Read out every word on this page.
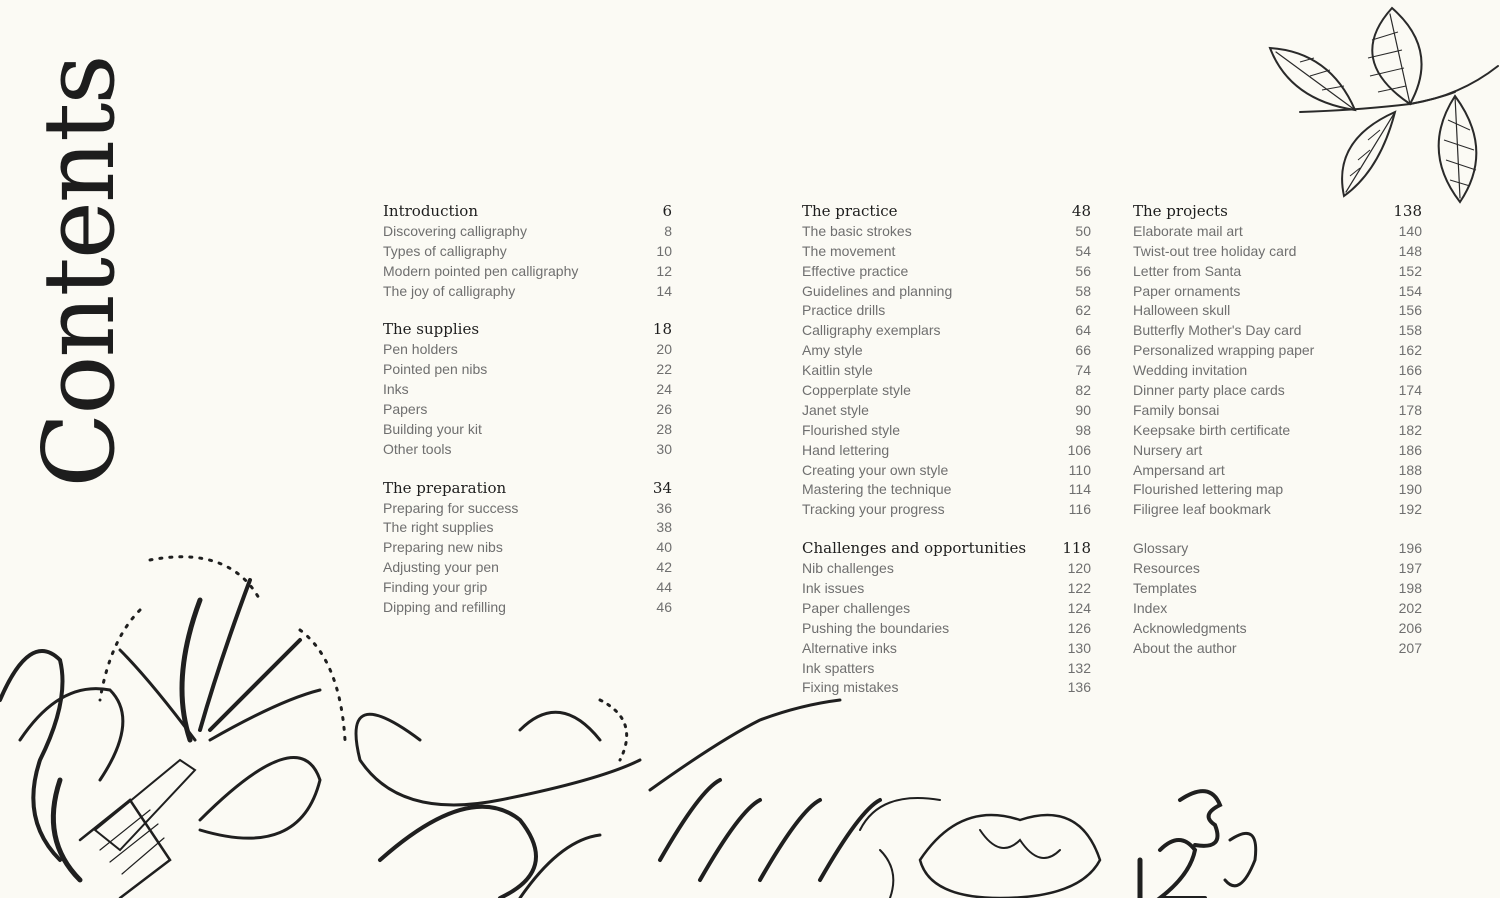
Contents	Introduction	6
Discovering calligraphy	8
Types of calligraphy	10
Modern pointed pen calligraphy	12
The joy of calligraphy	14
The supplies	18
Pen holders	20
Pointed pen nibs	22
Inks	24
Papers	26
Building your kit	28
Other tools	30
The preparation	34
Preparing for success	36
The right supplies	38
Preparing new nibs	40
Adjusting your pen	42
Finding your grip	44
Dipping and refilling	46
The practice	48
The basic strokes	50
The movement	54
Effective practice	56
Guidelines and planning	58
Practice drills	62
Calligraphy exemplars	64
Amy style	66
Kaitlin style	74
Copperplate style	82
Janet style	90
Flourished style	98
Hand lettering	106
Creating your own style	110
Mastering the technique	114
Tracking your progress	116
Challenges and opportunities 118
Nib challenges	120
Ink issues	122
Paper challenges	124
Pushing the boundaries	126
Alternative inks	130
Ink spatters	132
Fixing mistakes	136
The projects	138
Elaborate mail art	140
Twist-out tree holiday card	148
Letter from Santa	152
Paper ornaments	154
Halloween skull	156
Butterfly Mother's Day card	158
Personalized wrapping paper	162
Wedding invitation	166
Dinner party place cards	174
Family bonsai	178
Keepsake birth certificate	182
Nursery art	186
Ampersand art	188
Flourished lettering map	190
Filigree leaf bookmark	192
Glossary	196
Resources	197
Templates	198
Index	202
Acknowledgments	206
About the author	207
